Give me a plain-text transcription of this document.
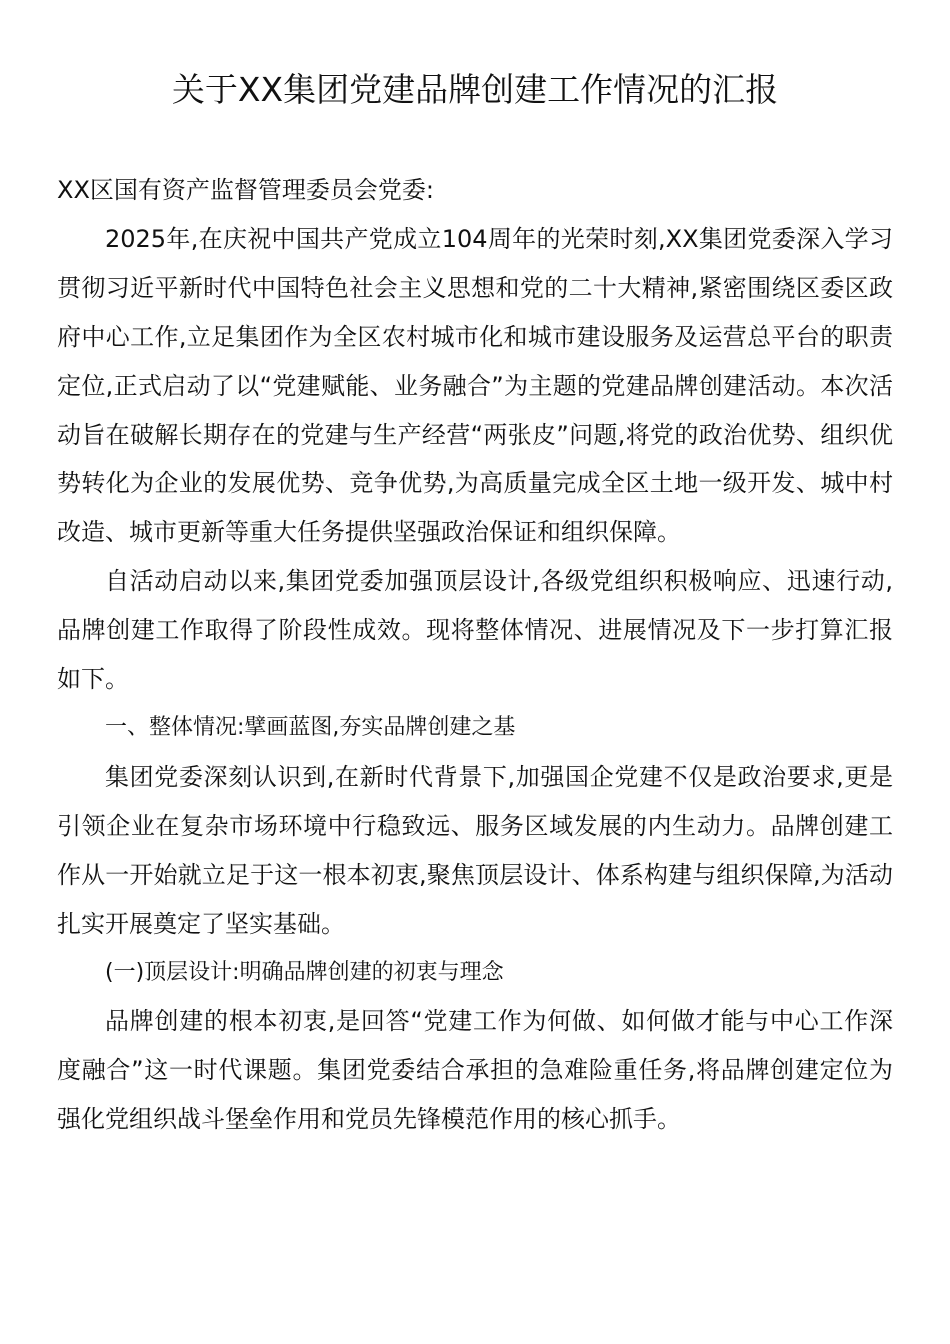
关于XX集团党建品牌创建工作情况的汇报

XX区国有资产监督管理委员会党委:

2025年,在庆祝中国共产党成立104周年的光荣时刻,XX集团党委深入学习贯彻习近平新时代中国特色社会主义思想和党的二十大精神,紧密围绕区委区政府中心工作,立足集团作为全区农村城市化和城市建设服务及运营总平台的职责定位,正式启动了以“党建赋能、业务融合”为主题的党建品牌创建活动。本次活动旨在破解长期存在的党建与生产经营“两张皮”问题,将党的政治优势、组织优势转化为企业的发展优势、竞争优势,为高质量完成全区土地一级开发、城中村改造、城市更新等重大任务提供坚强政治保证和组织保障。

自活动启动以来,集团党委加强顶层设计,各级党组织积极响应、迅速行动,品牌创建工作取得了阶段性成效。现将整体情况、进展情况及下一步打算汇报如下。

一、整体情况:擘画蓝图,夯实品牌创建之基

集团党委深刻认识到,在新时代背景下,加强国企党建不仅是政治要求,更是引领企业在复杂市场环境中行稳致远、服务区域发展的内生动力。品牌创建工作从一开始就立足于这一根本初衷,聚焦顶层设计、体系构建与组织保障,为活动扎实开展奠定了坚实基础。

(一)顶层设计:明确品牌创建的初衷与理念

品牌创建的根本初衷,是回答“党建工作为何做、如何做才能与中心工作深度融合”这一时代课题。集团党委结合承担的急难险重任务,将品牌创建定位为强化党组织战斗堡垒作用和党员先锋模范作用的核心抓手。
